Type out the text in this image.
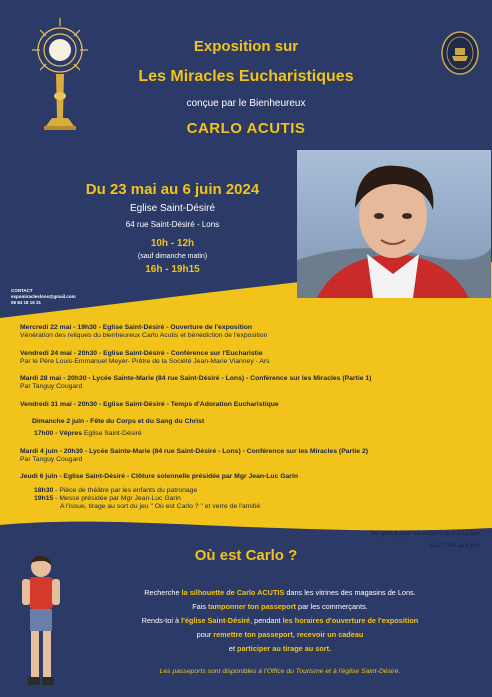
Exposition sur
Les Miracles Eucharistiques
conçue par le Bienheureux
CARLO ACUTIS
Du 23 mai au 6 juin 2024
Eglise Saint-Désiré
64 rue Saint-Désiré - Lons
10h - 12h
(sauf dimanche matin)
16h - 19h15
CONTACT
expomiracleslons@gmail.com
06 84 18 16 31

Mercredi 22 mai - 19h30 - Eglise Saint-Désiré - Ouverture de l'exposition

Vénération des reliques du bienheureux Carlo Acutis et bénédiction de l'exposition

Vendredi 24 mai - 20h30 - Eglise Saint-Désiré - Conférence sur l'Eucharistie

Par le Père Louis-Emmanuel Meyer- Prêtre de la Société Jean-Marie Vianney - Ars

Mardi 28 mai - 20h30 - Lycée Sainte-Marie (84 rue Saint-Désiré - Lons) - Conférence sur les Miracles (Partie 1)

Par Tanguy Cougard

Vendredi 31 mai - 20h30 - Eglise Saint-Désiré - Temps d'Adoration Eucharistique

Dimanche 2 juin - Fête du Corps et du Sang du Christ

17h00 - Vêpres Eglise Saint-Désiré

Mardi 4 juin - 20h30 - Lycée Sainte-Marie (84 rue Saint-Désiré - Lons) - Conférence sur les Miracles (Partie 2)

Par Tanguy Cougard

Jeudi 6 juin - Eglise Saint-Désiré - Clôture solennelle présidée par Mgr Jean-Luc Garin

18h30 - Pièce de théâtre par les enfants du patronage

19h15 - Messe présidée par Mgr Jean-Luc Garin

A l'issue, tirage au sort du jeu " Où est Carlo ? " et verre de l'amitié

Jeu gratuit pour les enfants de 5 à 12 ans
du 23 mai au 6 juin
Où est Carlo ?
Recherche la silhouette de Carlo ACUTIS dans les vitrines des magasins de Lons.
Fais tamponner ton passeport par les commerçants.
Rends-toi à l'église Saint-Désiré, pendant les horaires d'ouverture de l'exposition
pour remettre ton passeport, recevoir un cadeau
et participer au tirage au sort.
Les passeports sont disponibles à l'Office du Tourisme et à l'église Saint-Désiré.
